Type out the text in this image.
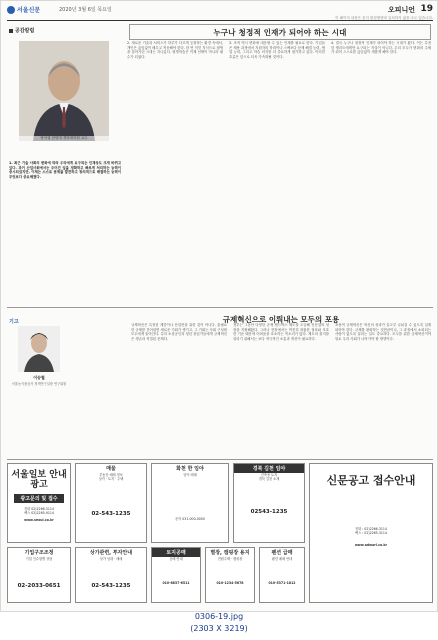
서울신문	2020년 3월 6일 목요일	오피니언 19
이 페이지 내용은 본지 편집방향과 일치하지 않을 수도 있습니다.
공감칼럼	누구나 청정적 인재가 되어야 하는 시대
장석권 한양대 경영대학원 교수

1. 최근 기술 사회의 변화에 따라 우리에게 요구되는 인재상도 크게 바뀌고 있다. 과거 산업사회에서는 주어진 일을 정확하고 빠르게 처리하는 능력이 중시되었지만, 이제는 스스로 문제를 발견하고 창의적으로 해결하는 능력이 무엇보다 중요해졌다.

2. 새로운 기술과 서비스가 하루가 다르게 등장하는 환경 속에서, 개인은 끊임없이 배우고 적응해야 한다. 한 번 익힌 지식으로 평생을 살아가던 시대는 지나갔다. 평생학습은 이제 선택이 아니라 필수가 되었다.

3. 조직 역시 변화에 대응할 수 있는 인재를 필요로 한다. 기업들은 채용 과정에서 지원자의 학력이나 스펙보다 문제 해결 능력, 협업 능력, 그리고 학습 의지를 더 중요하게 평가하고 있다. 이러한 흐름은 앞으로 더욱 가속화될 것이다.

4. 결국 누구나 청정적 인재가 되어야 하는 시대가 왔다. 이는 특정한 엘리트에게만 요구되는 자질이 아니다. 우리 모두가 변화의 주체가 되어 스스로를 끊임없이 새롭게 해야 한다.

기고	규제혁신으로 이뤄내는 모두의 포용
이승철
서울농식품공사 정책연구실장 연구위원

규제혁신은 특정한 계층이나 산업만을 위한 것이 아니다. 불필요한 규제를 걷어내면 새로운 기회가 생기고, 그 기회는 사회 구성원 모두에게 돌아간다. 특히 소상공인과 청년 창업가들에게 규제혁신은 생존과 직결된 문제다.

정부는 그동안 다양한 규제 샌드박스 제도를 도입해 신산업의 성장을 지원해왔다. 그러나 현장에서는 여전히 복잡한 절차와 모호한 기준 때문에 어려움을 호소하는 목소리가 많다. 제도의 취지를 살리기 위해서는 보다 적극적인 소통과 개선이 필요하다.

포용적 규제혁신은 혁신의 성과가 골고루 나눠질 수 있도록 설계되어야 한다. 규제를 완화하는 것만큼이나, 그 과정에서 소외되는 사람이 없도록 살피는 일도 중요하다. 모두를 위한 규제혁신이야말로 우리 사회가 나아가야 할 방향이다.

서울일보 안내광고
광고문의 및 접수
전화 02)2266-3114
팩스 02)2265-9114
www.seoul.co.kr
매물
부동산 매매 정보
상가 · 토지 · 주택
02-543-1235
화천 한 임야
임야 매매
문의 031-000-0000
경북 김천 임야
건축용 토지
경북 김천 소재
02543-1235
신문공고 접수안내
전화 : 02)2266-3114
팩스 : 02)2265-3114
www.adworl.co.kr
기업구조조정
기업 인수합병 상담
02-2033-0651
상가관련, 투자안내
상가 임대 · 매매
02-543-1235
토지공매
공매 안내
010-6837-6511
별장, 캠핑장 용지
전원주택 · 캠핑장
010-1234-5678
펜션 급매
펜션 매매 안내
010-5371-1812
0306-19.jpg
(2303 X 3219)
